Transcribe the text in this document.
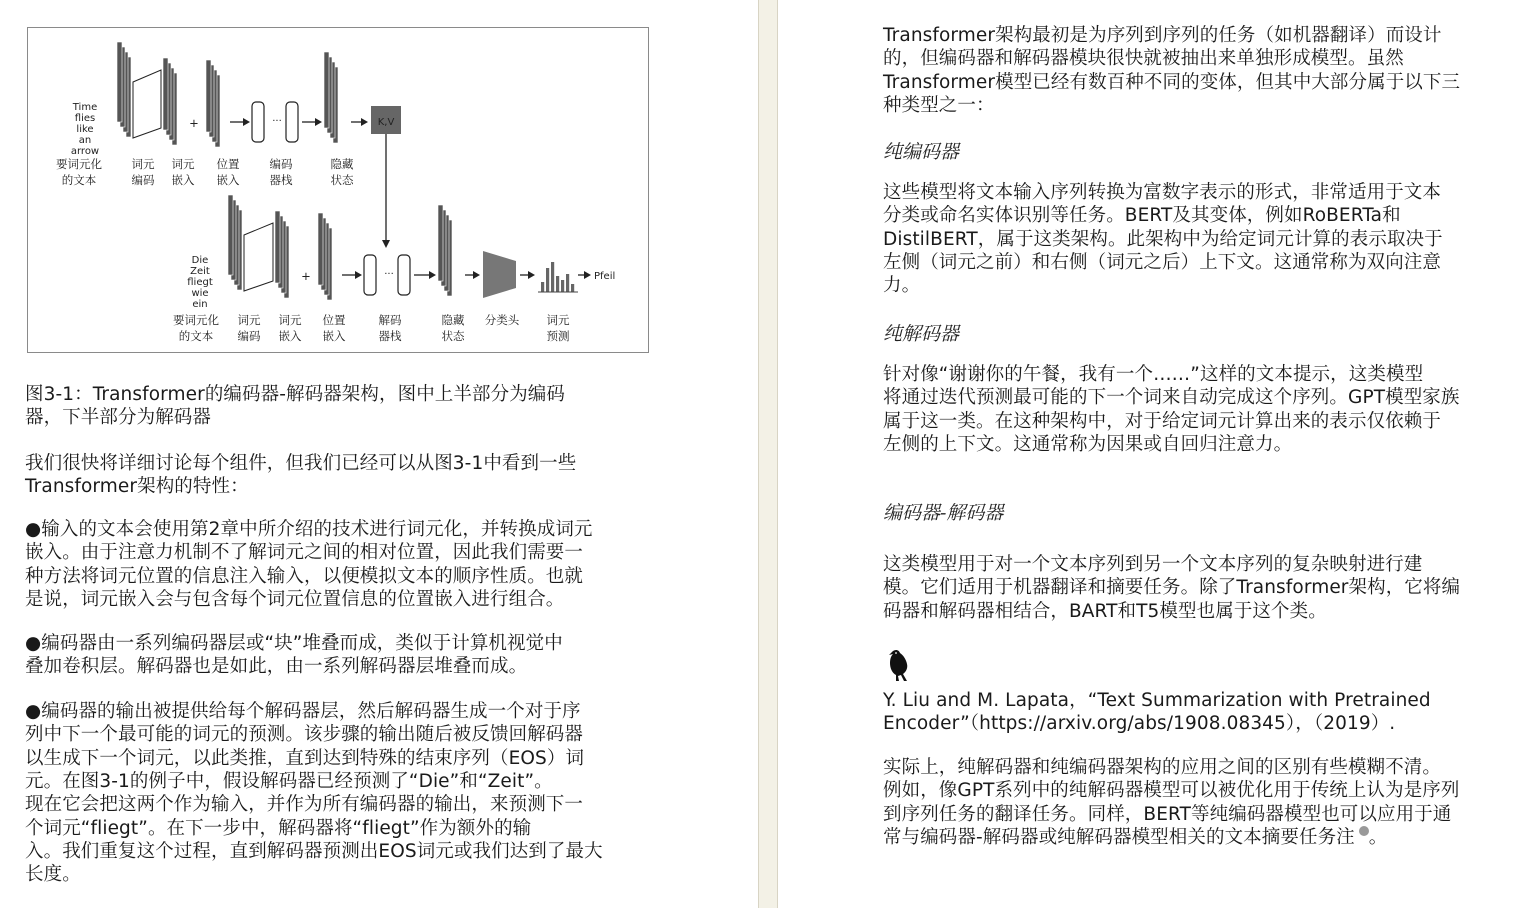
Time
flies
like
an
arrow
+	···	K,V
要词元化
的文本
词元
编码
词元
嵌入
位置
嵌入
编码
器栈
隐藏
状态
Die
Zeit
fliegt
wie
ein
+	···	Pfeil
要词元化
的文本
词元
编码
词元
嵌入
位置
嵌入
解码
器栈
隐藏
状态
分类头 词元
预测
图3-1：Transformer的编码器-解码器架构，图中上半部分为编码
器，下半部分为解码器
我们很快将详细讨论每个组件，但我们已经可以从图3-1中看到一些
Transformer架构的特性：
●输入的文本会使用第2章中所介绍的技术进行词元化，并转换成词元
嵌入。由于注意力机制不了解词元之间的相对位置，因此我们需要一
种方法将词元位置的信息注入输入，以便模拟文本的顺序性质。也就
是说，词元嵌入会与包含每个词元位置信息的位置嵌入进行组合。
●编码器由一系列编码器层或“块”堆叠而成，类似于计算机视觉中
叠加卷积层。解码器也是如此，由一系列解码器层堆叠而成。
●编码器的输出被提供给每个解码器层，然后解码器生成一个对于序
列中下一个最可能的词元的预测。该步骤的输出随后被反馈回解码器
以生成下一个词元，以此类推，直到达到特殊的结束序列（EOS）词
元。在图3-1的例子中，假设解码器已经预测了“Die”和“Zeit”。
现在它会把这两个作为输入，并作为所有编码器的输出，来预测下一
个词元“fliegt”。在下一步中，解码器将“fliegt”作为额外的输
入。我们重复这个过程，直到解码器预测出EOS词元或我们达到了最大
长度。
Transformer架构最初是为序列到序列的任务（如机器翻译）而设计
的，但编码器和解码器模块很快就被抽出来单独形成模型。虽然
Transformer模型已经有数百种不同的变体，但其中大部分属于以下三
种类型之一：
纯编码器
这些模型将文本输入序列转换为富数字表示的形式，非常适用于文本
分类或命名实体识别等任务。BERT及其变体，例如RoBERTa和
DistilBERT，属于这类架构。此架构中为给定词元计算的表示取决于
左侧（词元之前）和右侧（词元之后）上下文。这通常称为双向注意
力。
纯解码器
针对像“谢谢你的午餐，我有一个……”这样的文本提示，这类模型
将通过迭代预测最可能的下一个词来自动完成这个序列。GPT模型家族
属于这一类。在这种架构中，对于给定词元计算出来的表示仅依赖于
左侧的上下文。这通常称为因果或自回归注意力。
编码器-解码器
这类模型用于对一个文本序列到另一个文本序列的复杂映射进行建
模。它们适用于机器翻译和摘要任务。除了Transformer架构，它将编
码器和解码器相结合，BART和T5模型也属于这个类。
Y. Liu and M. Lapata，“Text Summarization with Pretrained
Encoder”（https://arxiv.org/abs/1908.08345），（2019）.
实际上，纯解码器和纯编码器架构的应用之间的区别有些模糊不清。
例如，像GPT系列中的纯解码器模型可以被优化用于传统上认为是序列
到序列任务的翻译任务。同样，BERT等纯编码器模型也可以应用于通
常与编码器-解码器或纯解码器模型相关的文本摘要任务注 。
